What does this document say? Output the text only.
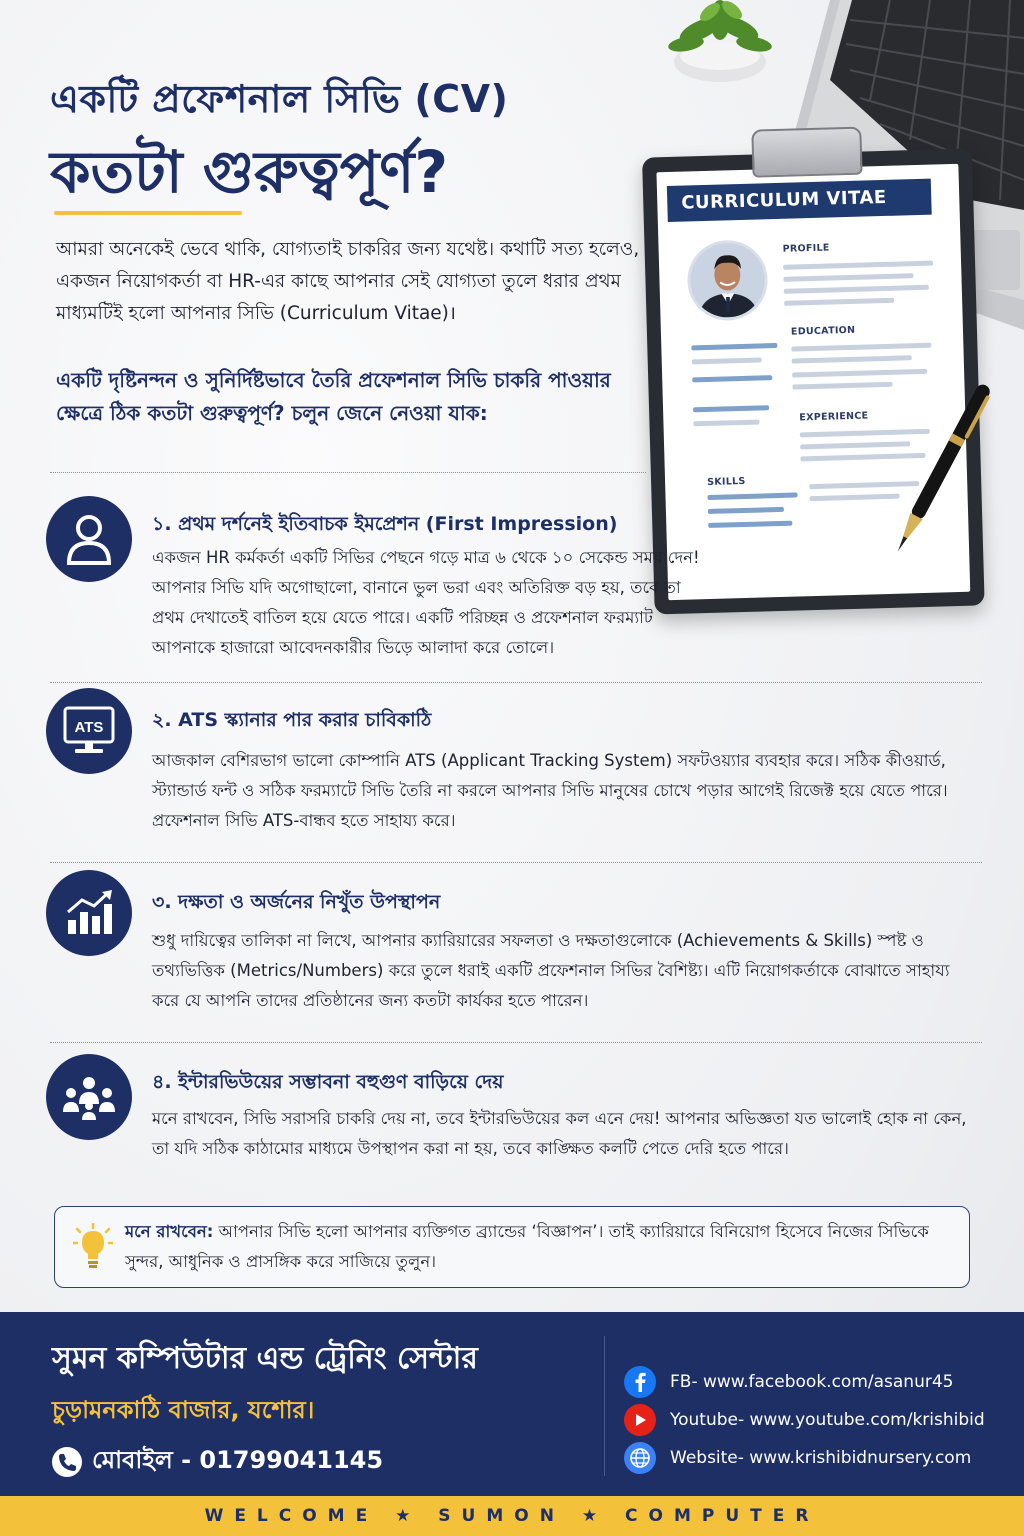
একটি প্রফেশনাল সিভি (CV)
কতটা গুরুত্বপূর্ণ?

আমরা অনেকেই ভেবে থাকি, যোগ্যতাই চাকরির জন্য যথেষ্ট। কথাটি সত্য হলেও, একজন নিয়োগকর্তা বা HR-এর কাছে আপনার সেই যোগ্যতা তুলে ধরার প্রথম মাধ্যমটিই হলো আপনার সিভি (Curriculum Vitae)।

একটি দৃষ্টিনন্দন ও সুনির্দিষ্টভাবে তৈরি প্রফেশনাল সিভি চাকরি পাওয়ার ক্ষেত্রে ঠিক কতটা গুরুত্বপূর্ণ? চলুন জেনে নেওয়া যাক:

CURRICULUM VITAE
PROFILE
EDUCATION
EXPERIENCE
SKILLS
১. প্রথম দর্শনেই ইতিবাচক ইমপ্রেশন (First Impression)

একজন HR কর্মকর্তা একটি সিভির পেছনে গড়ে মাত্র ৬ থেকে ১০ সেকেন্ড সময় দেন! আপনার সিভি যদি অগোছালো, বানানে ভুল ভরা এবং অতিরিক্ত বড় হয়, তবে তা প্রথম দেখাতেই বাতিল হয়ে যেতে পারে। একটি পরিচ্ছন্ন ও প্রফেশনাল ফরম্যাট আপনাকে হাজারো আবেদনকারীর ভিড়ে আলাদা করে তোলে।

ATS	২. ATS স্ক্যানার পার করার চাবিকাঠি

আজকাল বেশিরভাগ ভালো কোম্পানি ATS (Applicant Tracking System) সফটওয়্যার ব্যবহার করে। সঠিক কীওয়ার্ড, স্ট্যান্ডার্ড ফন্ট ও সঠিক ফরম্যাটে সিভি তৈরি না করলে আপনার সিভি মানুষের চোখে পড়ার আগেই রিজেক্ট হয়ে যেতে পারে। প্রফেশনাল সিভি ATS-বান্ধব হতে সাহায্য করে।

৩. দক্ষতা ও অর্জনের নিখুঁত উপস্থাপন

শুধু দায়িত্বের তালিকা না লিখে, আপনার ক্যারিয়ারের সফলতা ও দক্ষতাগুলোকে (Achievements & Skills) স্পষ্ট ও তথ্যভিত্তিক (Metrics/Numbers) করে তুলে ধরাই একটি প্রফেশনাল সিভির বৈশিষ্ট্য। এটি নিয়োগকর্তাকে বোঝাতে সাহায্য করে যে আপনি তাদের প্রতিষ্ঠানের জন্য কতটা কার্যকর হতে পারেন।

৪. ইন্টারভিউয়ের সম্ভাবনা বহুগুণ বাড়িয়ে দেয়

মনে রাখবেন, সিভি সরাসরি চাকরি দেয় না, তবে ইন্টারভিউয়ের কল এনে দেয়! আপনার অভিজ্ঞতা যত ভালোই হোক না কেন, তা যদি সঠিক কাঠামোর মাধ্যমে উপস্থাপন করা না হয়, তবে কাঙ্ক্ষিত কলটি পেতে দেরি হতে পারে।

মনে রাখবেন: আপনার সিভি হলো আপনার ব্যক্তিগত ব্র্যান্ডের ‘বিজ্ঞাপন’। তাই ক্যারিয়ারে বিনিয়োগ হিসেবে নিজের সিভিকে সুন্দর, আধুনিক ও প্রাসঙ্গিক করে সাজিয়ে তুলুন।

সুমন কম্পিউটার এন্ড ট্রেনিং সেন্টার
চুড়ামনকাঠি বাজার, যশোর।
মোবাইল - 01799041145
FB- www.facebook.com/asanur45
Youtube- www.youtube.com/krishibid
Website- www.krishibidnursery.com
WELCOME ★ SUMON ★ COMPUTER
